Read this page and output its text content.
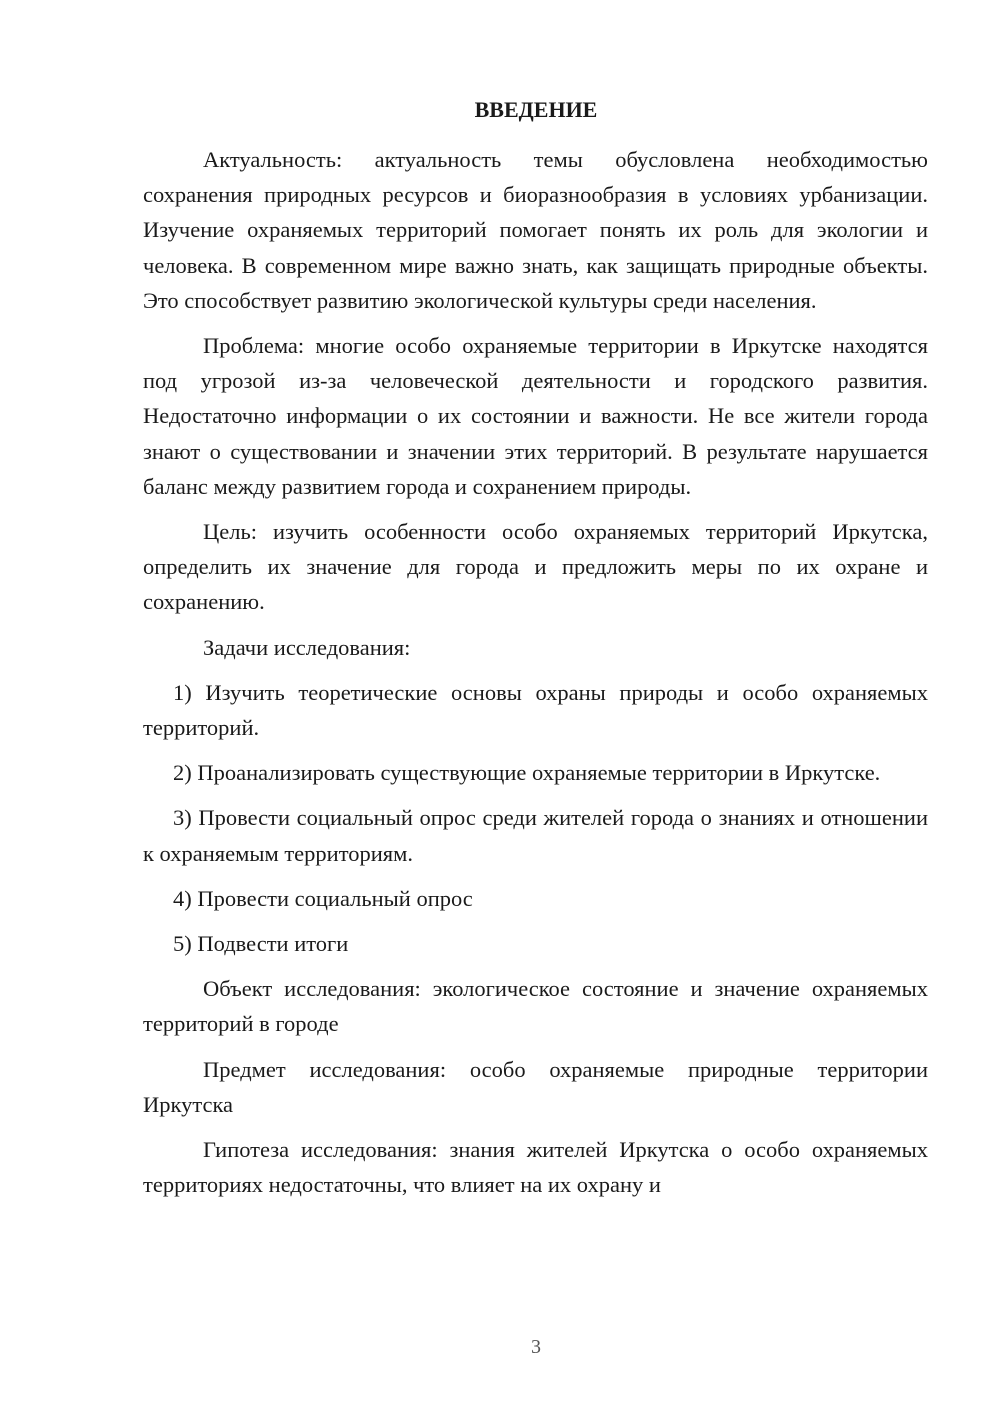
ВВЕДЕНИЕ

Актуальность: актуальность темы обусловлена необходимостью сохранения природных ресурсов и биоразнообразия в условиях урбанизации. Изучение охраняемых территорий помогает понять их роль для экологии и человека. В современном мире важно знать, как защищать природные объекты. Это способствует развитию экологической культуры среди населения.

Проблема: многие особо охраняемые территории в Иркутске находятся под угрозой из-за человеческой деятельности и городского развития. Недостаточно информации о их состоянии и важности. Не все жители города знают о существовании и значении этих территорий. В результате нарушается баланс между развитием города и сохранением природы.

Цель: изучить особенности особо охраняемых территорий Иркутска, определить их значение для города и предложить меры по их охране и сохранению.

Задачи исследования:

1) Изучить теоретические основы охраны природы и особо охраняемых территорий.

2) Проанализировать существующие охраняемые территории в Иркутске.

3) Провести социальный опрос среди жителей города о знаниях и отношении к охраняемым территориям.

4) Провести социальный опрос

5) Подвести итоги

Объект исследования: экологическое состояние и значение охраняемых территорий в городе

Предмет исследования: особо охраняемые природные территории Иркутска

Гипотеза исследования: знания жителей Иркутска о особо охраняемых территориях недостаточны, что влияет на их охрану и

3
